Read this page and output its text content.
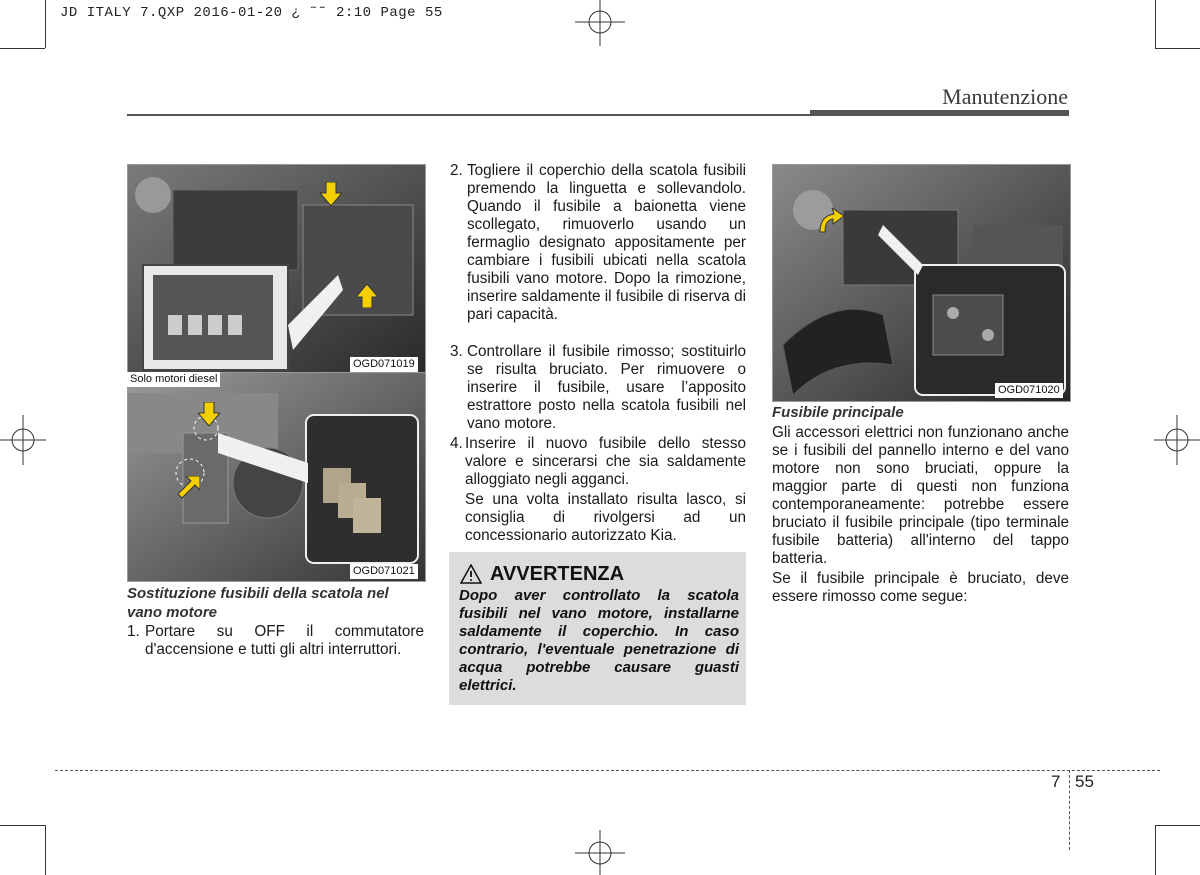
JD ITALY 7.QXP 2016-01-20 ¿ ˜˜ 2:10 Page 55
Manutenzione
OGD071019
Solo motori diesel
OGD071021
Sostituzione fusibili della scatola nel vano motore
1. Portare su OFF il commutatore d'accensione e tutti gli altri interruttori.
2. Togliere il coperchio della scatola fusibili premendo la linguetta e sollevandolo. Quando il fusibile a baionetta viene scollegato, rimuoverlo usando un fermaglio designato appositamente per cambiare i fusibili ubicati nella scatola fusibili vano motore. Dopo la rimozione, inserire saldamente il fusibile di riserva di pari capacità.
3. Controllare il fusibile rimosso; sostituirlo se risulta bruciato. Per rimuovere o inserire il fusibile, usare l’apposito estrattore posto nella scatola fusibili nel vano motore.
4. Inserire il nuovo fusibile dello stesso valore e sincerarsi che sia saldamente alloggiato negli agganci.
Se una volta installato risulta lasco, si consiglia di rivolgersi ad un concessionario autorizzato Kia.
AVVERTENZA
Dopo aver controllato la scatola fusibili nel vano motore, installarne saldamente il coperchio. In caso contrario, l'eventuale penetrazione di acqua potrebbe causare guasti elettrici.
OGD071020
Fusibile principale
Gli accessori elettrici non funzionano anche se i fusibili del pannello interno e del vano motore non sono bruciati, oppure la maggior parte di questi non funziona contemporaneamente: potrebbe essere bruciato il fusibile principale (tipo terminale fusibile batteria) all'interno del tappo batteria.
Se il fusibile principale è bruciato, deve essere rimosso come segue:
7 55
